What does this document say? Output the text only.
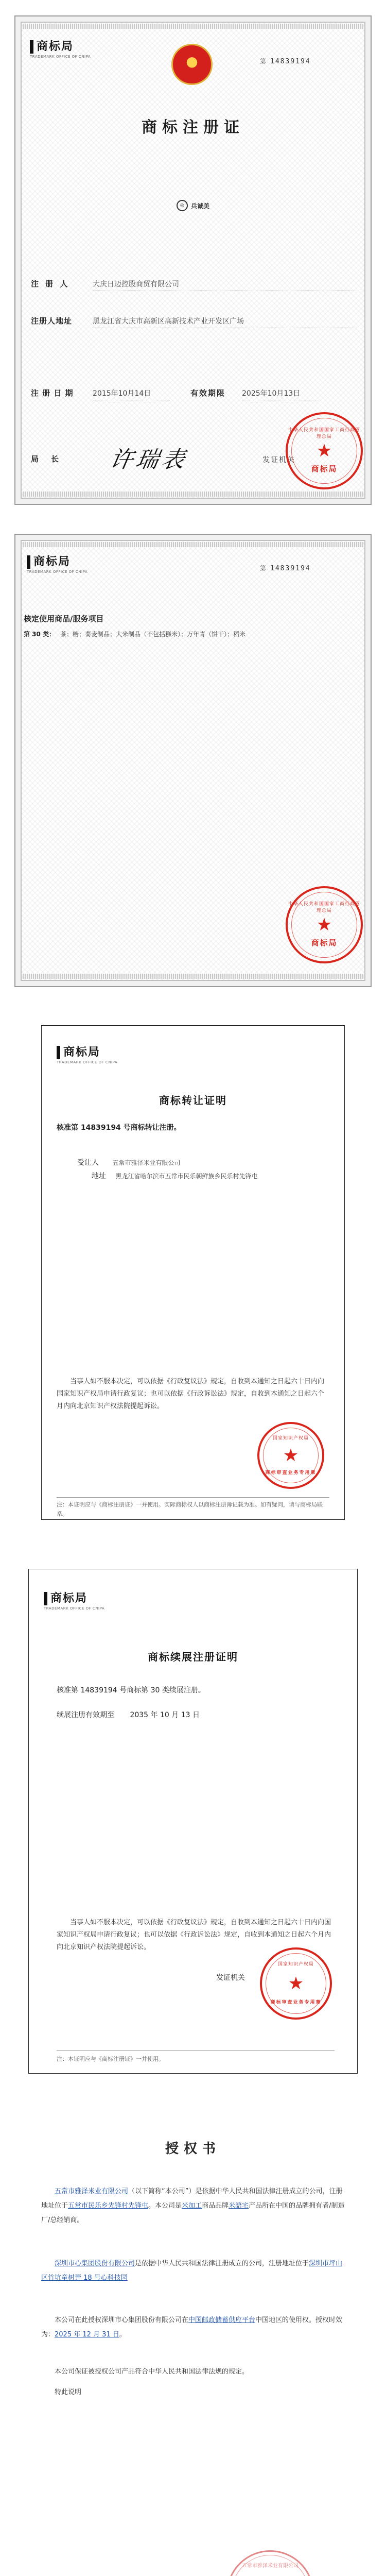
商标局
TRADEMARK OFFICE OF CNIPA
第 14839194
商标注册证
◎	兵诚美
注 册 人	大庆日迈控股商贸有限公司
注册人地址	黑龙江省大庆市高新区高新技术产业开发区广场
注 册 日 期	2015年10月14日	有效期限	2025年10月13日
局长 许瑞表	发证机关
中华人民共和国国家工商行政管理总局
★
商标局
商标局
TRADEMARK OFFICE OF CNIPA	第 14839194
核定使用商品/服务项目
第 30 类： 茶；糖；蕎麦制品；大米制品（不包括糕米）；万年青（饼干）；稻米
中华人民共和国国家工商行政管理总局
★
商标局
商标局
TRADEMARK OFFICE OF CNIPA
商标转让证明
核准第 14839194 号商标转让注册。
受让人 五常市雅泽米业有限公司
地址 黑龙江省哈尔滨市五常市民乐朝鲜族乡民乐村先锋屯
当事人如不服本决定，可以依据《行政复议法》规定，自收到本通知之日起六十日内向国家知识产权局申请行政复议；也可以依据《行政诉讼法》规定，自收到本通知之日起六个月内向北京知识产权法院提起诉讼。
国家知识产权局
★
商标审查业务专用章
注：本证明应与《商标注册证》一并使用。实际商标权人以商标注册簿记载为准。如有疑问，请与商标局联系。
商标局
TRADEMARK OFFICE OF CNIPA
商标续展注册证明
核准第 14839194 号商标第 30 类续展注册。
续展注册有效期至 2035 年 10 月 13 日
当事人如不服本决定，可以依据《行政复议法》规定，自收到本通知之日起六十日内向国家知识产权局申请行政复议；也可以依据《行政诉讼法》规定，自收到本通知之日起六个月内向北京知识产权法院提起诉讼。
发证机关
国家知识产权局
★
商标审查业务专用章
注：本证明应与《商标注册证》一并使用。
授权书
五常市雅泽米业有限公司（以下简称“本公司”）是依据中华人民共和国法律注册成立的公司，注册地址位于五常市民乐乡先锋村先锋屯。本公司是米加工商品品牌米語宅产品所在中国的品牌拥有者/制造厂/总经销商。
深圳市心集团股份有限公司是依据中华人民共和国法律注册成立的公司，注册地址位于深圳市坪山区竹坑童树弄 18 号心科技园
本公司在此授权深圳市心集团股份有限公司在中国邮政储蓄供应平台中国地区的使用权。授权时效为：2025 年 12 月 31 日。
本公司保证被授权公司产品符合中华人民共和国法律法规的规定。
特此说明
五常市雅泽米业有限公司
